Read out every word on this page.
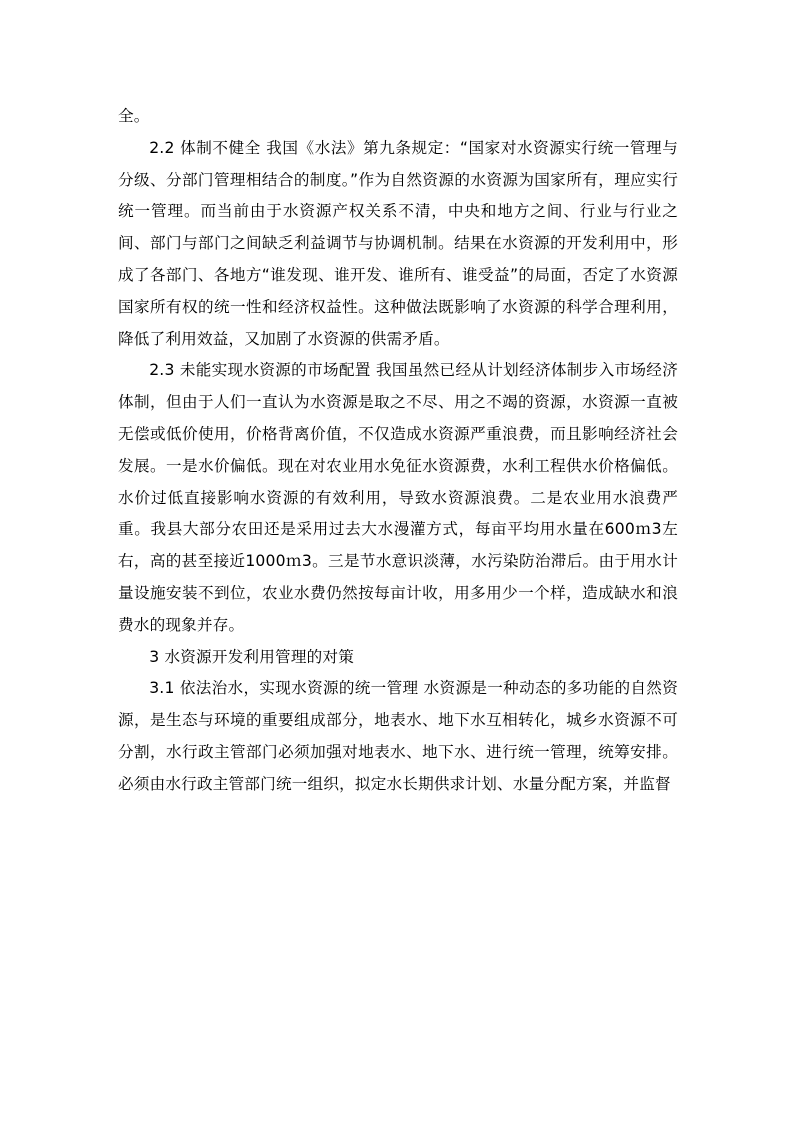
全。

2.2 体制不健全 我国《水法》第九条规定：“国家对水资源实行统一管理与分级、分部门管理相结合的制度。”作为自然资源的水资源为国家所有，理应实行统一管理。而当前由于水资源产权关系不清，中央和地方之间、行业与行业之间、部门与部门之间缺乏利益调节与协调机制。结果在水资源的开发利用中，形成了各部门、各地方“谁发现、谁开发、谁所有、谁受益”的局面，否定了水资源国家所有权的统一性和经济权益性。这种做法既影响了水资源的科学合理利用，降低了利用效益，又加剧了水资源的供需矛盾。

2.3 未能实现水资源的市场配置 我国虽然已经从计划经济体制步入市场经济体制，但由于人们一直认为水资源是取之不尽、用之不竭的资源，水资源一直被无偿或低价使用，价格背离价值，不仅造成水资源严重浪费，而且影响经济社会发展。一是水价偏低。现在对农业用水免征水资源费，水利工程供水价格偏低。水价过低直接影响水资源的有效利用，导致水资源浪费。二是农业用水浪费严重。我县大部分农田还是采用过去大水漫灌方式，每亩平均用水量在600ｍ3左右，高的甚至接近1000ｍ3。三是节水意识淡薄，水污染防治滞后。由于用水计量设施安装不到位，农业水费仍然按每亩计收，用多用少一个样，造成缺水和浪费水的现象并存。

3 水资源开发利用管理的对策

3.1 依法治水，实现水资源的统一管理 水资源是一种动态的多功能的自然资源，是生态与环境的重要组成部分，地表水、地下水互相转化，城乡水资源不可分割，水行政主管部门必须加强对地表水、地下水、进行统一管理，统筹安排。必须由水行政主管部门统一组织，拟定水长期供求计划、水量分配方案，并监督
